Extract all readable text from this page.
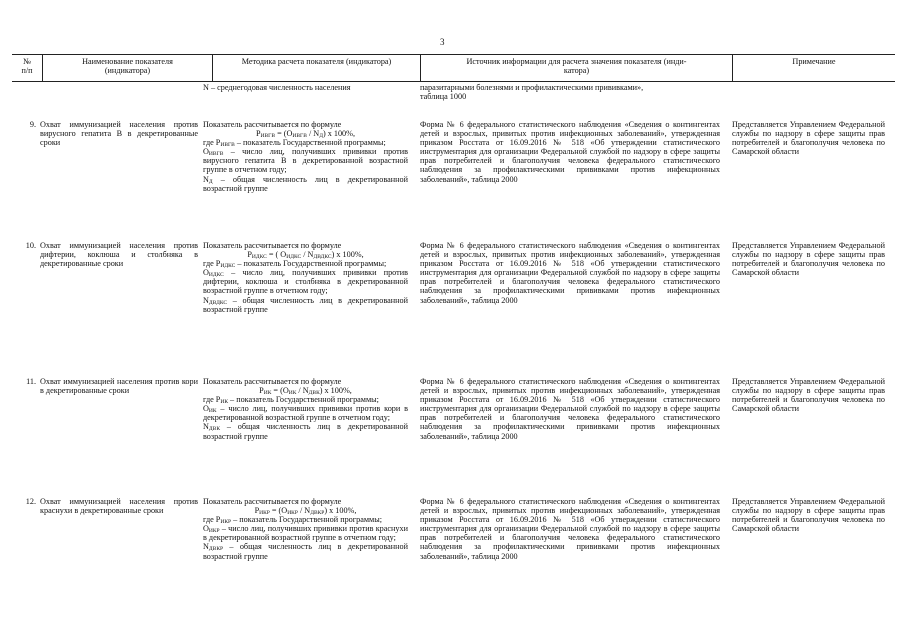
3
№
п/п
Наименование показателя
(индикатора)
Методика расчета показателя (индикатора)	Источник информации для расчета значения показателя (инди-
катора)
Примечание
N – среднегодовая численность населения	паразитарными болезнями и профилактическими прививками»,
таблица 1000
9. Охват иммунизацией населения против вирусного гепатита В в декретированные сроки

Показатель рассчитывается по формуле

$P_{ИВГВ} = (O_{ИВГВ} / N_Д)$ х 100%,

где $P_{ИВГВ}$ – показатель Государственной программы;

$O_{ИВГВ}$ – число лиц, получивших прививки против вирусного гепатита В в декретированной возрастной группе в отчетном году;

$N_Д$ – общая численность лиц в декретированной возрастной группе

Форма № 6 федерального статистического наблюдения «Сведения о контингентах детей и взрослых, привитых против инфекционных заболеваний», утвержденная приказом Росстата от 16.09.2016 № 518 «Об утверждении статистического инструментария для организации Федеральной службой по надзору в сфере защиты прав потребителей и благополучия человека федерального статистического наблюдения за профилактическими прививками против инфекционных заболеваний», таблица 2000
Представляется Управлением Федеральной службы по надзору в сфере защиты прав потребителей и благополучия человека по Самарской области
10. Охват иммунизацией населения против дифтерии, коклюша и столбняка в декретированные сроки

Показатель рассчитывается по формуле

$P_{ИДКС}$ = ( $O_{ИДКС} / N_{ДВДКС}$) х 100%,

где $P_{ИДКС}$ – показатель Государственной программы;

$O_{ИДКС}$ – число лиц, получивших прививки против дифтерии, коклюша и столбняка в декретированной возрастной группе в отчетном году;

$N_{ДВДКС}$ – общая численность лиц в декретированной возрастной группе

Форма № 6 федерального статистического наблюдения «Сведения о контингентах детей и взрослых, привитых против инфекционных заболеваний», утвержденная приказом Росстата от 16.09.2016 № 518 «Об утверждении статистического инструментария для организации Федеральной службой по надзору в сфере защиты прав потребителей и благополучия человека федерального статистического наблюдения за профилактическими прививками против инфекционных заболеваний», таблица 2000
Представляется Управлением Федеральной службы по надзору в сфере защиты прав потребителей и благополучия человека по Самарской области
11. Охват иммунизацией населения против кори в декретированные сроки

Показатель рассчитывается по формуле

$P_{ИК} = (O_{ИК} / N_{ДВК})$ х 100%,

где $P_{ИК}$ – показатель Государственной программы;

$O_{ИК}$ – число лиц, получивших прививки против кори в декретированной возрастной группе в отчетном году;

$N_{ДВК}$ – общая численность лиц в декретированной возрастной группе

Форма № 6 федерального статистического наблюдения «Сведения о контингентах детей и взрослых, привитых против инфекционных заболеваний», утвержденная приказом Росстата от 16.09.2016 № 518 «Об утверждении статистического инструментария для организации Федеральной службой по надзору в сфере защиты прав потребителей и благополучия человека федерального статистического наблюдения за профилактическими прививками против инфекционных заболеваний», таблица 2000
Представляется Управлением Федеральной службы по надзору в сфере защиты прав потребителей и благополучия человека по Самарской области
12. Охват иммунизацией населения против краснухи в декретированные сроки

Показатель рассчитывается по формуле

$P_{ИКР} = (O_{ИКР} / N_{ДВКР})$ х 100%,

где $P_{ИКР}$ – показатель Государственной программы;

$O_{ИКР}$ – число лиц, получивших прививки против краснухи в декретированной возрастной группе в отчетном году;

$N_{ДВКР}$ – общая численность лиц в декретированной возрастной группе

Форма № 6 федерального статистического наблюдения «Сведения о контингентах детей и взрослых, привитых против инфекционных заболеваний», утвержденная приказом Росстата от 16.09.2016 № 518 «Об утверждении статистического инструментария для организации Федеральной службой по надзору в сфере защиты прав потребителей и благополучия человека федерального статистического наблюдения за профилактическими прививками против инфекционных заболеваний», таблица 2000
Представляется Управлением Федеральной службы по надзору в сфере защиты прав потребителей и благополучия человека по Самарской области
